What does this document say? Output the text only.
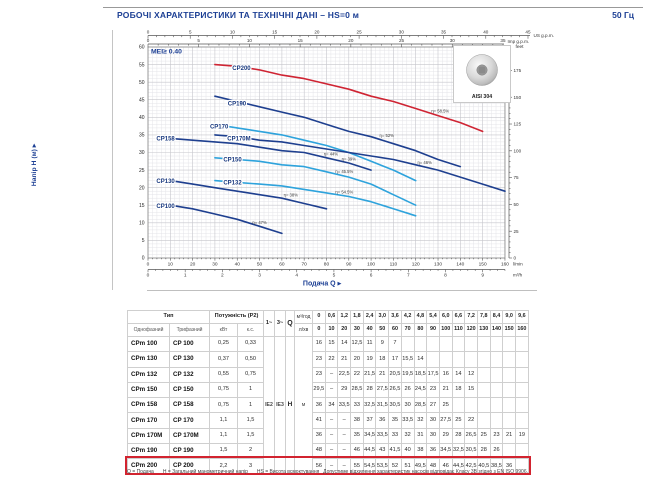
РОБОЧІ ХАРАКТЕРИСТИКИ ТА ТЕХНІЧНІ ДАНІ – HS=0 м	50 Гц
0
5
10
15
20
25
30
35
40
45
50
55
60
Напір H (м) ▸
0
25
50
75
100
125
150
175
feet
0	5	10	15	20	25	30	35	40	45
US g.p.m.
0	5	10	15	20	25	30	35 Imp g.p.m.
0	10	20	30	40	50	60	70	80	90	100	110	120	130	140	150	160 l/min
0	1	2	3	4	5	6	7	8	9	m³/h
Подача Q ▸
MEI≥ 0.40
AISI 304
CP100
η= 47%
CP130
η= 38%
CP158
η= 44%
CP132
η= 54.5%
CP150
η= 45.5%
CP170
η= 39%
CP170M
η= 46%
CP190
η= 52%
CP200
η= 58.5%
Тип		Потужність (P2)		1~	3~	Q	м³/год	0	0,6	1,2	1,8	2,4	3,0	3,6	4,2	4,8	5,4	6,0	6,6	7,2	7,8	8,4	9,0	9,6
Однофазний	Трифазний	кВт	к.с.				л/хв	0	10	20	30	40	50	60	70	80	90	100	110	120	130	140	150	160
CPm 100	CP 100	0,25	0,33	IE2	IE3	H	м	16	15	14	12,5	11	9	7										
CPm 130	CP 130	0,37	0,50					23	22	21	20	19	18	17	15,5	14								
CPm 132	CP 132	0,55	0,75					23	–	22,5	22	21,5	21	20,5	19,5	18,5	17,5	16	14	12				
CPm 150	CP 150	0,75	1					29,5	–	29	28,5	28	27,5	26,5	26	24,5	23	21	18	15				
CPm 158	CP 158	0,75	1					36	34	33,5	33	32,5	31,5	30,5	30	28,5	27	25						
CPm 170	CP 170	1,1	1,5					41	–	–	38	37	36	35	33,5	32	30	27,5	25	22				
CPm 170M	CP 170M	1,1	1,5					36	–	–	35	34,5	33,5	33	32	31	30	29	28	26,5	25	23	21	19
CPm 190	CP 190	1,5	2					48	–	–	46	44,5	43	41,5	40	38	36	34,5	32,5	30,5	28	26		
CPm 200	CP 200	2,2	3					56	–	–	55	54,5	53,5	52	51	49,5	48	46	44,5	42,5	40,5	38,5	36	
Q = Подача H = Загальний манометричний напір HS = Висота всмоктування Допустиме відхилення характеристик насосів відповідає Класу 3B згідно з EN ISO 9906.
